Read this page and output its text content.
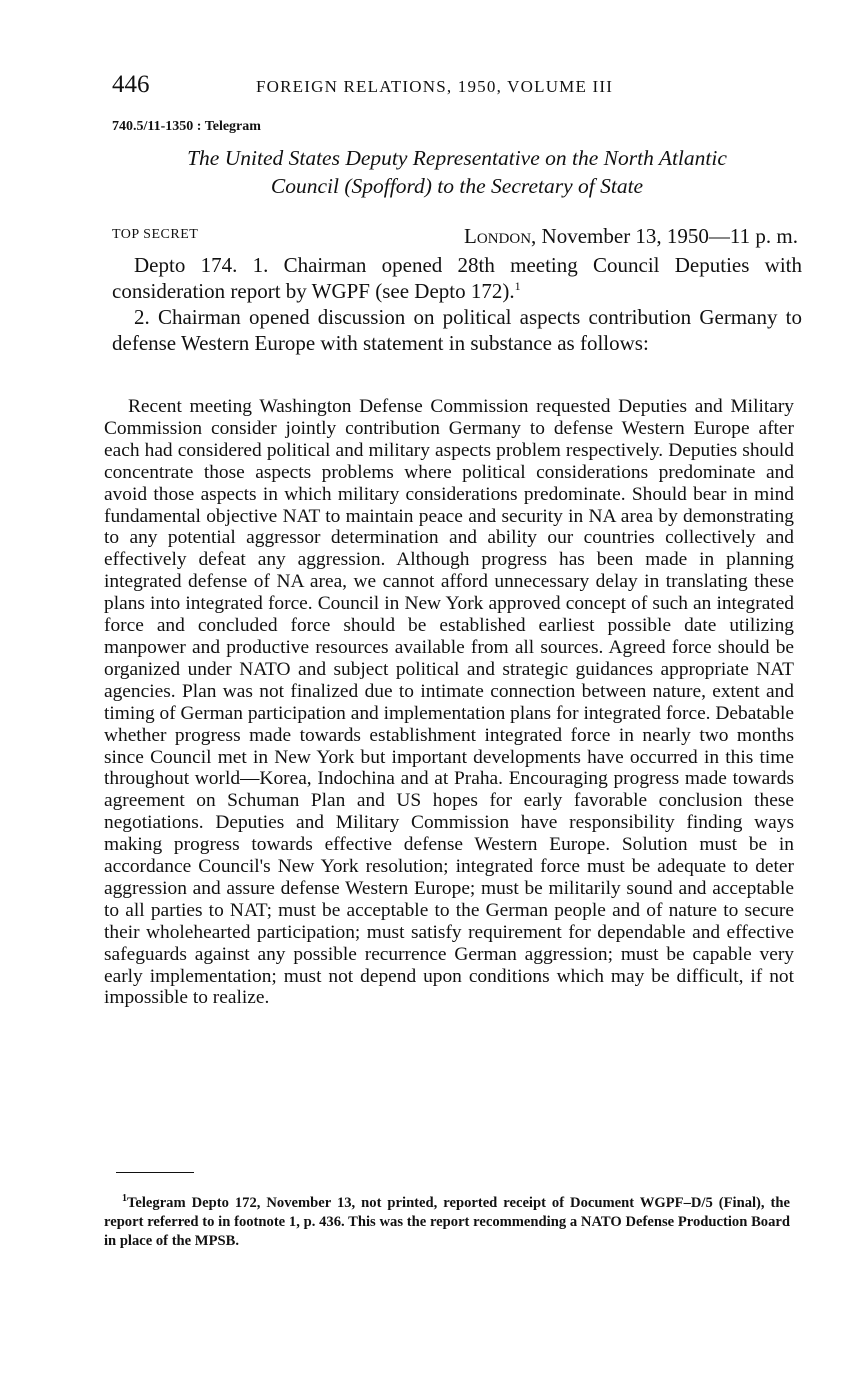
446	FOREIGN RELATIONS, 1950, VOLUME III
740.5/11-1350 : Telegram
The United States Deputy Representative on the North Atlantic
Council (Spofford) to the Secretary of State
TOP SECRET	London, November 13, 1950—11 p. m.

Depto 174. 1. Chairman opened 28th meeting Council Deputies with consideration report by WGPF (see Depto 172).$^1$

2. Chairman opened discussion on political aspects contribution Germany to defense Western Europe with statement in substance as follows:

Recent meeting Washington Defense Commission requested Deputies and Military Commission consider jointly contribution Germany to defense Western Europe after each had considered political and military aspects problem respectively. Deputies should concentrate those aspects problems where political considerations predominate and avoid those aspects in which military considerations predominate. Should bear in mind fundamental objective NAT to maintain peace and security in NA area by demonstrating to any potential aggressor determination and ability our countries collectively and effectively defeat any aggression. Although progress has been made in planning integrated defense of NA area, we cannot afford unnecessary delay in translating these plans into integrated force. Council in New York approved concept of such an integrated force and concluded force should be established earliest possible date utilizing manpower and productive resources available from all sources. Agreed force should be organized under NATO and subject political and strategic guidances appropriate NAT agencies. Plan was not finalized due to intimate connection between nature, extent and timing of German participation and implementation plans for integrated force. Debatable whether progress made towards establishment integrated force in nearly two months since Council met in New York but important developments have occurred in this time throughout world—Korea, Indochina and at Praha. Encouraging progress made towards agreement on Schuman Plan and US hopes for early favorable conclusion these negotiations. Deputies and Military Commission have responsibility finding ways making progress towards effective defense Western Europe. Solution must be in accordance Council's New York resolution; integrated force must be adequate to deter aggression and assure defense Western Europe; must be militarily sound and acceptable to all parties to NAT; must be acceptable to the German people and of nature to secure their wholehearted participation; must satisfy requirement for dependable and effective safeguards against any possible recurrence German aggression; must be capable very early implementation; must not depend upon conditions which may be difficult, if not impossible to realize.
$^1$Telegram Depto 172, November 13, not printed, reported receipt of Document WGPF–D/5 (Final), the report referred to in footnote 1, p. 436. This was the report recommending a NATO Defense Production Board in place of the MPSB.
